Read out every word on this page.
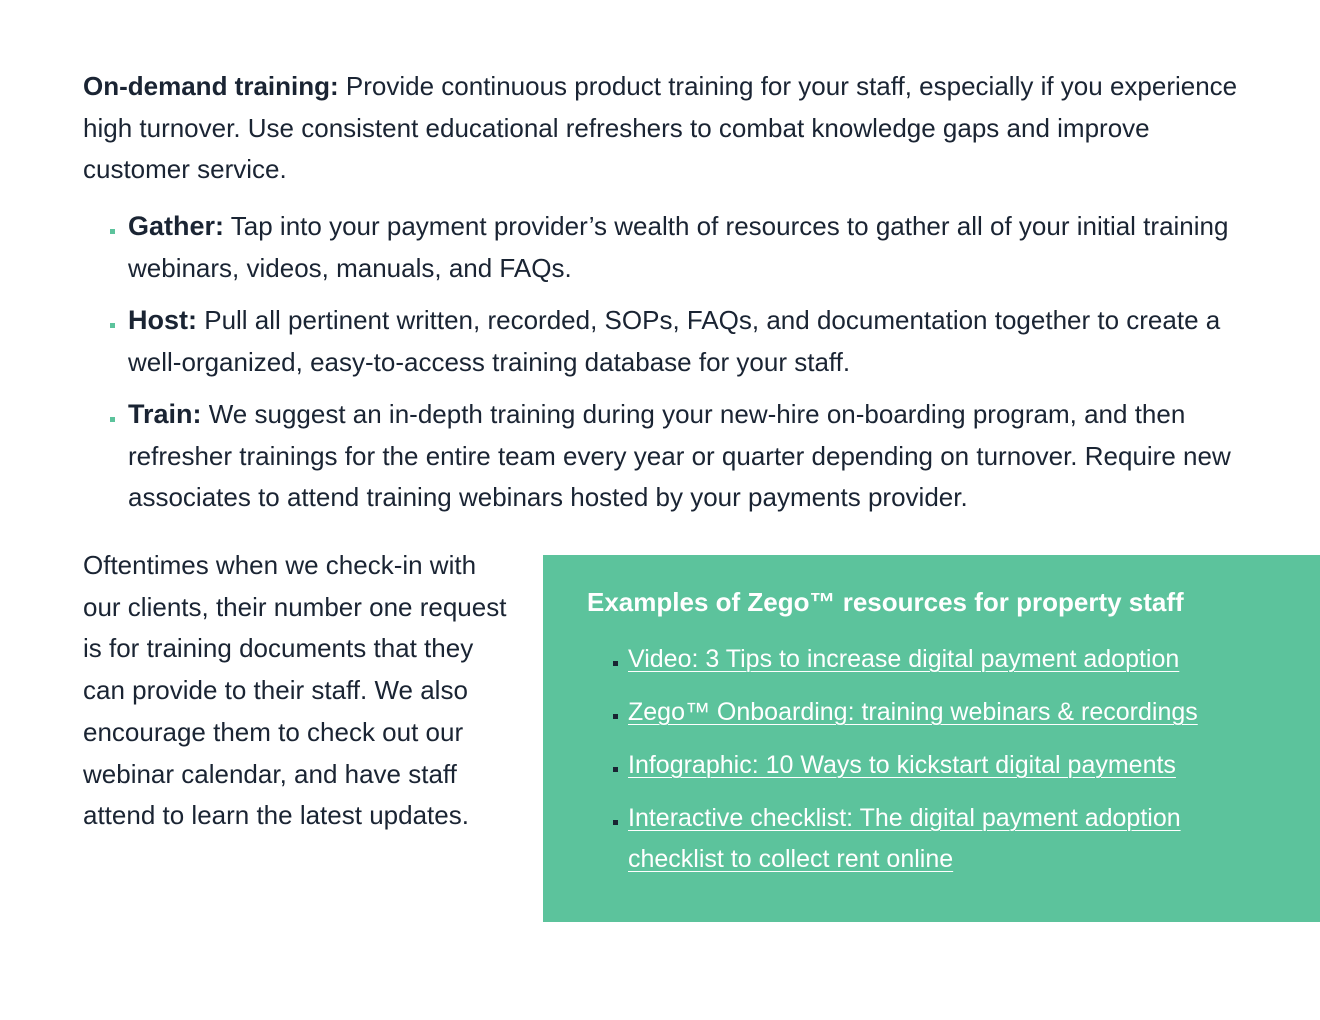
On-demand training: Provide continuous product training for your staff, especially if you experience high turnover. Use consistent educational refreshers to combat knowledge gaps and improve customer service.

Gather: Tap into your payment provider’s wealth of resources to gather all of your initial training webinars, videos, manuals, and FAQs.
Host: Pull all pertinent written, recorded, SOPs, FAQs, and documentation together to create a well-organized, easy-to-access training database for your staff.
Train: We suggest an in-depth training during your new-hire on-boarding program, and then refresher trainings for the entire team every year or quarter depending on turnover. Require new associates to attend training webinars hosted by your payments provider.

Oftentimes when we check-in with our clients, their number one request is for training documents that they can provide to their staff. We also encourage them to check out our webinar calendar, and have staff attend to learn the latest updates.

Examples of Zego™ resources for property staff
Video: 3 Tips to increase digital payment adoption
Zego™ Onboarding: training webinars & recordings
Infographic: 10 Ways to kickstart digital payments
Interactive checklist: The digital payment adoption checklist to collect rent online
